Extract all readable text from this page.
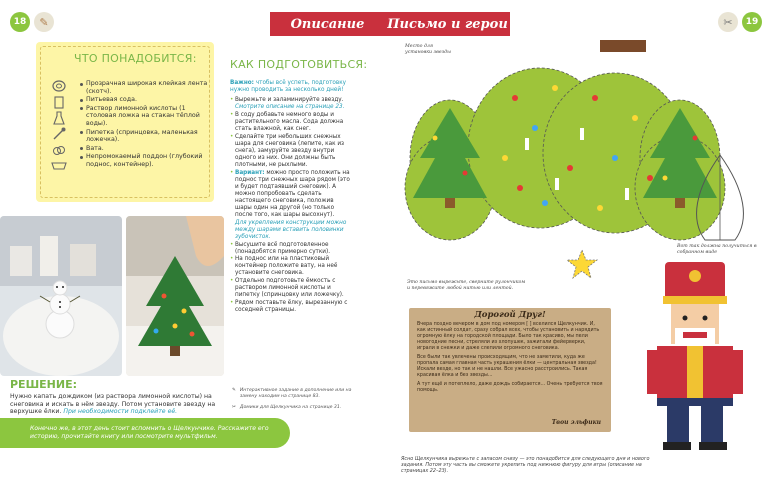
18	✎	Описание
ЧТО ПОНАДОБИТСЯ:
Прозрачная широкая клейкая лента (скотч).
Питьевая сода.
Раствор лимонной кислоты (1 столовая ложка на стакан тёплой воды).
Пипетка (спринцовка, маленькая ложечка).
Вата.
Непромокаемый поддон (глубокий поднос, контейнер).
КАК ПОДГОТОВИТЬСЯ:
Важно: чтобы всё успеть, подготовку нужно проводить за несколько дней!
• Вырежьте и заламинируйте звезду. Смотрите описание на странице 23.
• В соду добавьте немного воды и растительного масла. Сода должна стать влажной, как снег.
• Сделайте три небольших снежных шара для снеговика (лепите, как из снега), замуруйте звезду внутри одного из них. Они должны быть плотными, не рыхлыми.
• Вариант: можно просто положить на поднос три снежных шара рядом (это и будет подтаявший снеговик). А можно попробовать сделать настоящего снеговика, положив шары один на другой (но только после того, как шары высохнут).
Для укрепления конструкции можно между шарами вставить половинки зубочисток.
• Высушите всё подготовленное (понадобятся примерно сутки).
• На поднос или на пластиковый контейнер положите вату, на неё установите снеговика.
• Отдельно подготовьте ёмкость с раствором лимонной кислоты и пипетку (спринцовку или ложечку).
• Рядом поставьте ёлку, вырезанную с соседней страницы.
РЕШЕНИЕ:
Нужно капать дождиком (из раствора лимонной кислоты) на снеговика и искать в нём звезду. Потом установите звезду на верхушке ёлки. При необходимости подклейте её.
✎ Интерактивное задание в дополнение или на замену находим на странице 83.
✂ Домики для Щелкунчика на странице 31.
Конечно же, в этот день стоит вспомнить о Щелкунчике. Расскажите его историю, прочитайте книгу или посмотрите мультфильм.
Письмо и герои	✂	19
Место для установки звезды
Вот так должна получиться в собранном виде
Это письмо вырежьте, сверните рулончиком и перевяжите любой нитью или лентой.
Дорогой Друг!

Вчера поздно вечером в дом под номером [ ] вселился Щелкунчик. И, как истинный солдат, сразу собрал всех, чтобы установить и нарядить огромную ёлку на городской площади. Было так красиво, мы пели новогодние песни, стреляли из хлопушек, зажигали фейерверки, играли в снежки и даже слепили огромного снеговика.

Все были так увлечены происходящим, что не заметили, куда же пропала самая главная часть украшения ёлки — центральная звезда! Искали везде, но так и не нашли. Все ужасно расстроились. Такая красивая ёлка и без звезды...

А тут ещё и потеплело, даже дождь собирается... Очень требуется твоя помощь.

Твои эльфики
Ясно Щелкунчика вырежьте с запасом снизу — это понадобится для следующего дня и нового задания. Потом эту часть вы сможете укрепить под нижнюю фигуру для игры (описание на страницах 22–23).
